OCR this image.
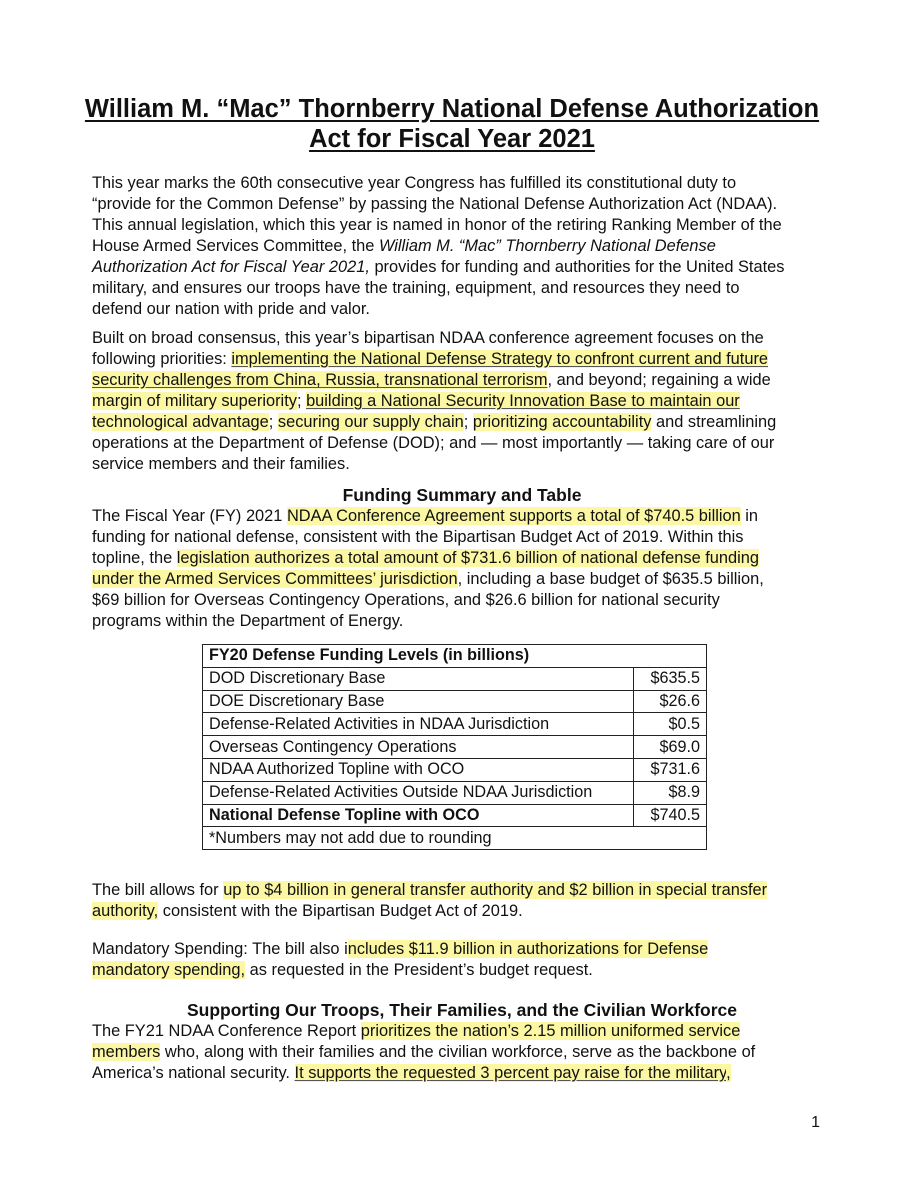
William M. “Mac” Thornberry National Defense Authorization
Act for Fiscal Year 2021

This year marks the 60th consecutive year Congress has fulfilled its constitutional duty to
“provide for the Common Defense” by passing the National Defense Authorization Act (NDAA).
This annual legislation, which this year is named in honor of the retiring Ranking Member of the
House Armed Services Committee, the William M. “Mac” Thornberry National Defense
Authorization Act for Fiscal Year 2021, provides for funding and authorities for the United States
military, and ensures our troops have the training, equipment, and resources they need to
defend our nation with pride and valor.

Built on broad consensus, this year’s bipartisan NDAA conference agreement focuses on the
following priorities: implementing the National Defense Strategy to confront current and future
security challenges from China, Russia, transnational terrorism, and beyond; regaining a wide
margin of military superiority; building a National Security Innovation Base to maintain our
technological advantage; securing our supply chain; prioritizing accountability and streamlining
operations at the Department of Defense (DOD); and — most importantly — taking care of our
service members and their families.

Funding Summary and Table

The Fiscal Year (FY) 2021 NDAA Conference Agreement supports a total of $740.5 billion in
funding for national defense, consistent with the Bipartisan Budget Act of 2019. Within this
topline, the legislation authorizes a total amount of $731.6 billion of national defense funding
under the Armed Services Committees’ jurisdiction, including a base budget of $635.5 billion,
$69 billion for Overseas Contingency Operations, and $26.6 billion for national security
programs within the Department of Energy.

FY20 Defense Funding Levels (in billions)	
DOD Discretionary Base	$635.5
DOE Discretionary Base	$26.6
Defense-Related Activities in NDAA Jurisdiction	$0.5
Overseas Contingency Operations	$69.0
NDAA Authorized Topline with OCO	$731.6
Defense-Related Activities Outside NDAA Jurisdiction	$8.9
National Defense Topline with OCO	$740.5
*Numbers may not add due to rounding	

The bill allows for up to $4 billion in general transfer authority and $2 billion in special transfer
authority, consistent with the Bipartisan Budget Act of 2019.

Mandatory Spending: The bill also includes $11.9 billion in authorizations for Defense
mandatory spending, as requested in the President’s budget request.

Supporting Our Troops, Their Families, and the Civilian Workforce

The FY21 NDAA Conference Report prioritizes the nation’s 2.15 million uniformed service
members who, along with their families and the civilian workforce, serve as the backbone of
America’s national security. It supports the requested 3 percent pay raise for the military,

1
